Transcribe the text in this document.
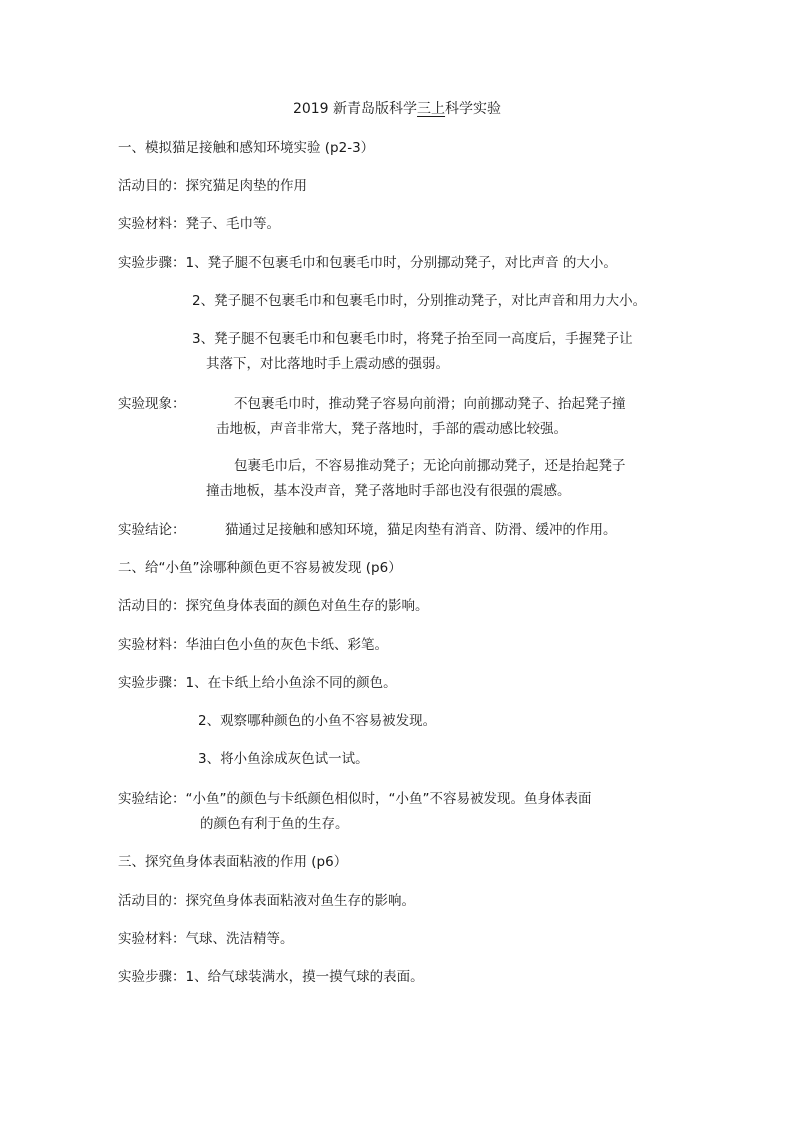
2019 新青岛版科学三上科学实验
一、模拟猫足接触和感知环境实验 (p2-3）
活动目的：探究猫足肉垫的作用
实验材料：凳子、毛巾等。
实验步骤：1、凳子腿不包裹毛巾和包裹毛巾时，分别挪动凳子，对比声音 的大小。
2、凳子腿不包裹毛巾和包裹毛巾时，分别推动凳子，对比声音和用力大小。
3、凳子腿不包裹毛巾和包裹毛巾时，将凳子抬至同一高度后，手握凳子让
其落下，对比落地时手上震动感的强弱。
实验现象：	不包裹毛巾时，推动凳子容易向前滑；向前挪动凳子、抬起凳子撞
击地板，声音非常大，凳子落地时，手部的震动感比较强。
包裹毛巾后，不容易推动凳子；无论向前挪动凳子，还是抬起凳子
撞击地板，基本没声音，凳子落地时手部也没有很强的震感。
实验结论：	猫通过足接触和感知环境，猫足肉垫有消音、防滑、缓冲的作用。
二、给“小鱼”涂哪种颜色更不容易被发现 (p6）
活动目的：探究鱼身体表面的颜色对鱼生存的影响。
实验材料：华油白色小鱼的灰色卡纸、彩笔。
实验步骤：1、在卡纸上给小鱼涂不同的颜色。
2、观察哪种颜色的小鱼不容易被发现。
3、将小鱼涂成灰色试一试。
实验结论：“小鱼”的颜色与卡纸颜色相似时，“小鱼”不容易被发现。鱼身体表面
的颜色有利于鱼的生存。
三、探究鱼身体表面粘液的作用 (p6）
活动目的：探究鱼身体表面粘液对鱼生存的影响。
实验材料：气球、洗洁精等。
实验步骤：1、给气球装满水，摸一摸气球的表面。
